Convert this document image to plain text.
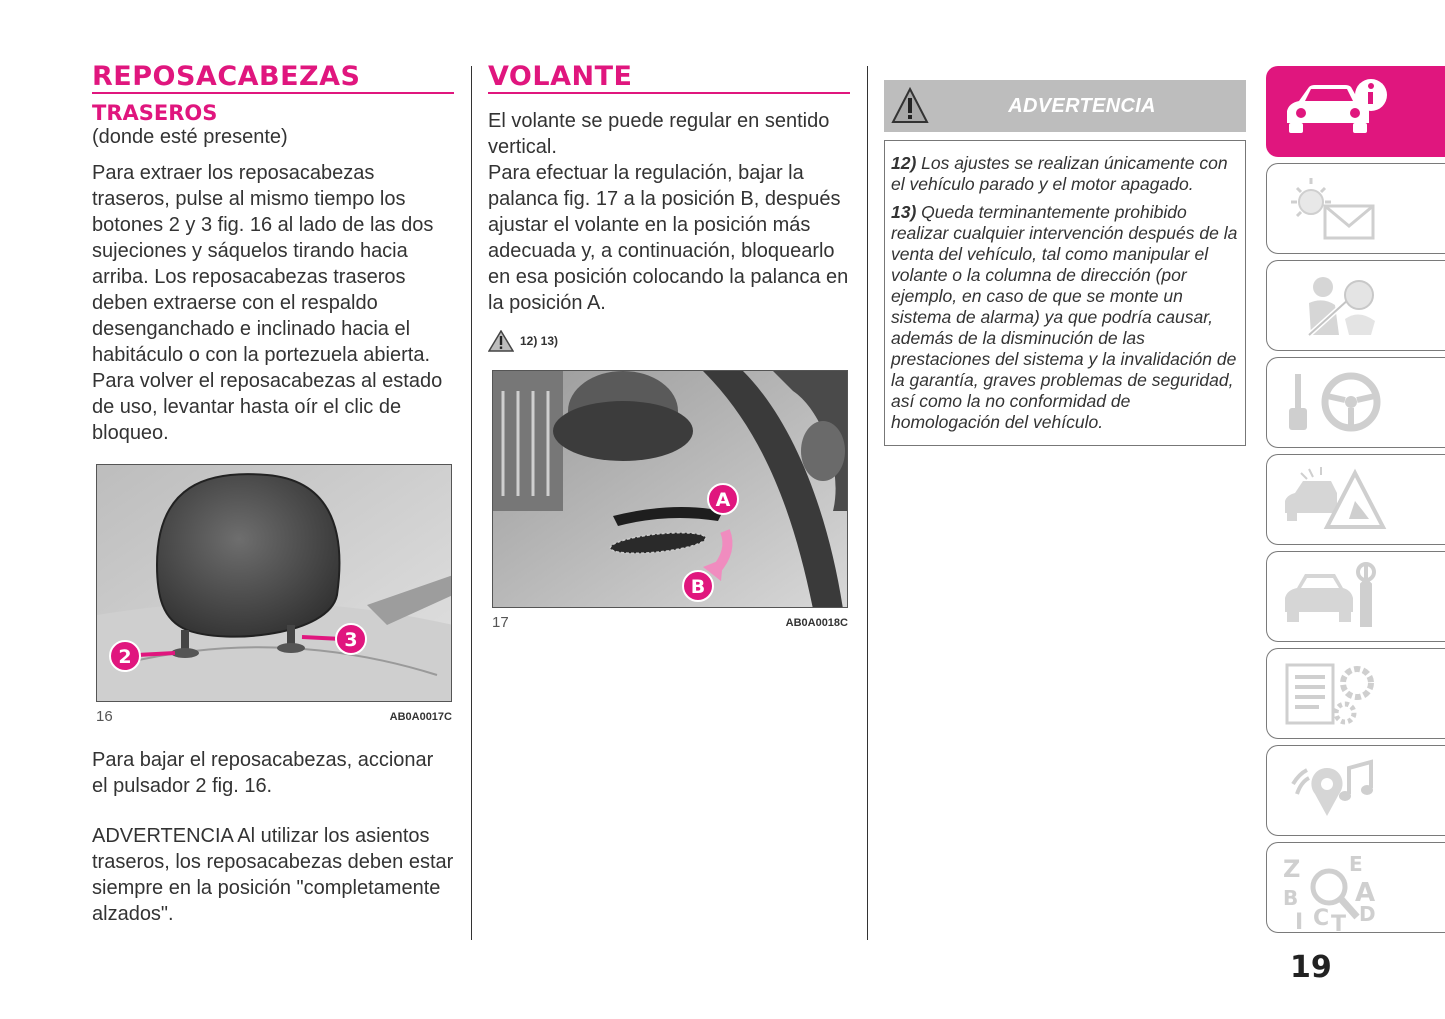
REPOSACABEZAS
TRASEROS
(donde esté presente)
Para extraer los reposacabezas traseros, pulse al mismo tiempo los botones 2 y 3 fig. 16 al lado de las dos sujeciones y sáquelos tirando hacia arriba. Los reposacabezas traseros deben extraerse con el respaldo desenganchado e inclinado hacia el habitáculo o con la portezuela abierta. Para volver el reposacabezas al estado de uso, levantar hasta oír el clic de bloqueo.
2
3
16	AB0A0017C
Para bajar el reposacabezas, accionar el pulsador 2 fig. 16.
ADVERTENCIA Al utilizar los asientos traseros, los reposacabezas deben estar siempre en la posición "completamente alzados".
VOLANTE
El volante se puede regular en sentido vertical.
Para efectuar la regulación, bajar la palanca fig. 17 a la posición B, después ajustar el volante en la posición más adecuada y, a continuación, bloquearlo en esa posición colocando la palanca en la posición A.
12) 13)
A
B
17	AB0A0018C
ADVERTENCIA
12) Los ajustes se realizan únicamente con el vehículo parado y el motor apagado.
13) Queda terminantemente prohibido realizar cualquier intervención después de la venta del vehículo, tal como manipular el volante o la columna de dirección (por ejemplo, en caso de que se monte un sistema de alarma) ya que podría causar, además de la disminución de las prestaciones del sistema y la invalidación de la garantía, graves problemas de seguridad, así como la no conformidad de homologación del vehículo.
Z E
B A
I C T D
19
